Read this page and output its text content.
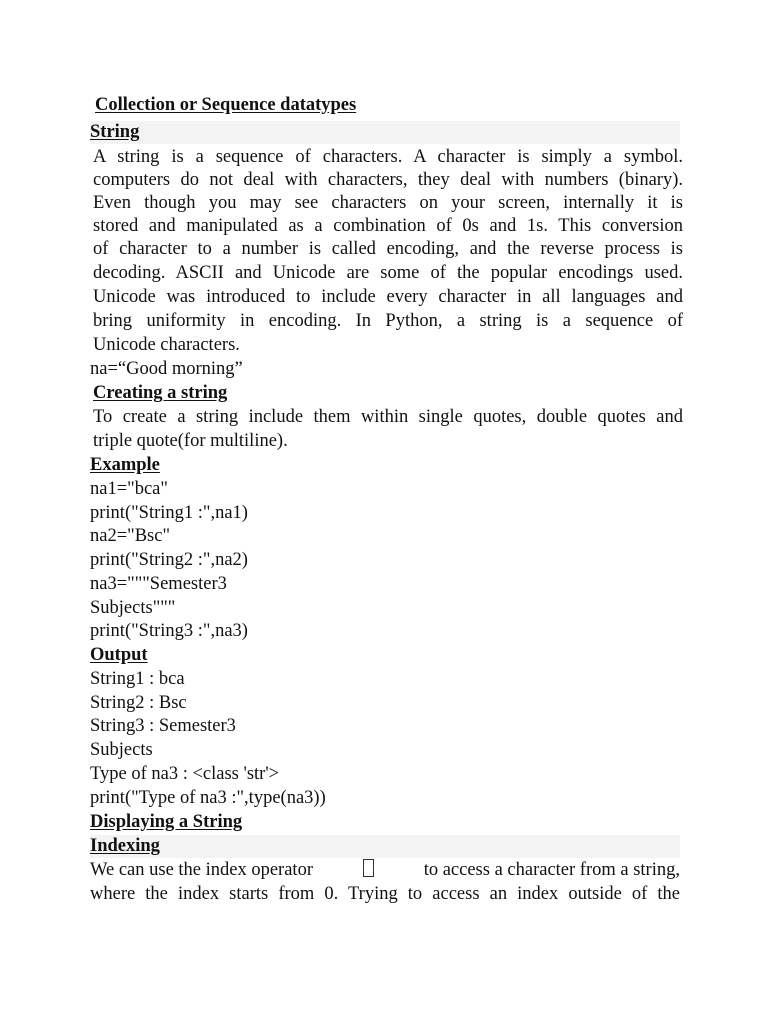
Collection or Sequence datatypes
String
A string is a sequence of characters. A character is simply a symbol.
computers do not deal with characters, they deal with numbers (binary).
Even though you may see characters on your screen, internally it is
stored and manipulated as a combination of 0s and 1s. This conversion
of character to a number is called encoding, and the reverse process is
decoding. ASCII and Unicode are some of the popular encodings used.
Unicode was introduced to include every character in all languages and
bring uniformity in encoding. In Python, a string is a sequence of
Unicode characters.
na=“Good morning”
Creating a string
To create a string include them within single quotes, double quotes and
triple quote(for multiline).
Example
na1="bca"
print("String1 :",na1)
na2="Bsc"
print("String2 :",na2)
na3="""Semester3
Subjects"""
print("String3 :",na3)
Output
String1 : bca
String2 : Bsc
String3 : Semester3
Subjects
Type of na3 : <class 'str'>
print("Type of na3 :",type(na3))
Displaying a String
Indexing
We can use the index operator	to access a character from a string,
where the index starts from 0. Trying to access an index outside of the
